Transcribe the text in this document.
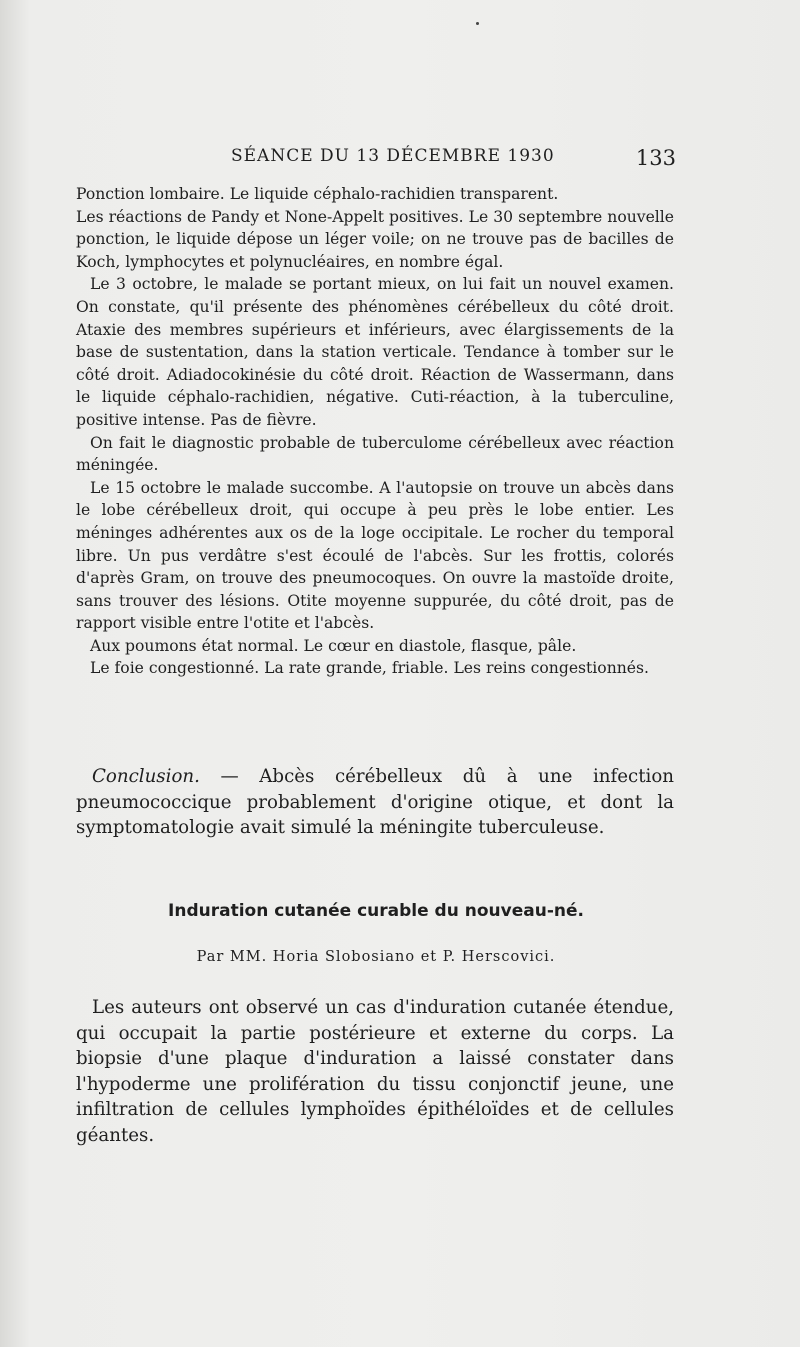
SÉANCE DU 13 DÉCEMBRE 1930	133

Ponction lombaire. Le liquide céphalo-rachidien transparent.

Les réactions de Pandy et None-Appelt positives. Le 30 septembre nouvelle ponction, le liquide dépose un léger voile; on ne trouve pas de bacilles de Koch, lymphocytes et polynucléaires, en nombre égal.

Le 3 octobre, le malade se portant mieux, on lui fait un nouvel examen. On constate, qu'il présente des phénomènes cérébelleux du côté droit. Ataxie des membres supérieurs et inférieurs, avec élargissements de la base de sustentation, dans la station verticale. Tendance à tomber sur le côté droit. Adiadocokinésie du côté droit. Réaction de Wassermann, dans le liquide céphalo-rachidien, négative. Cuti-réaction, à la tuberculine, positive intense. Pas de fièvre.

On fait le diagnostic probable de tuberculome cérébelleux avec réaction méningée.

Le 15 octobre le malade succombe. A l'autopsie on trouve un abcès dans le lobe cérébelleux droit, qui occupe à peu près le lobe entier. Les méninges adhérentes aux os de la loge occipitale. Le rocher du temporal libre. Un pus verdâtre s'est écoulé de l'abcès. Sur les frottis, colorés d'après Gram, on trouve des pneumocoques. On ouvre la mastoïde droite, sans trouver des lésions. Otite moyenne suppurée, du côté droit, pas de rapport visible entre l'otite et l'abcès.

Aux poumons état normal. Le cœur en diastole, flasque, pâle.

Le foie congestionné. La rate grande, friable. Les reins congestionnés.

Conclusion. — Abcès cérébelleux dû à une infection pneumococcique probablement d'origine otique, et dont la symptomatologie avait simulé la méningite tuberculeuse.

Induration cutanée curable du nouveau-né.
Par MM. Horia Slobosiano et P. Herscovici.

Les auteurs ont observé un cas d'induration cutanée étendue, qui occupait la partie postérieure et externe du corps. La biopsie d'une plaque d'induration a laissé constater dans l'hypoderme une prolifération du tissu conjonctif jeune, une infiltration de cellules lymphoïdes épithéloïdes et de cellules géantes.
